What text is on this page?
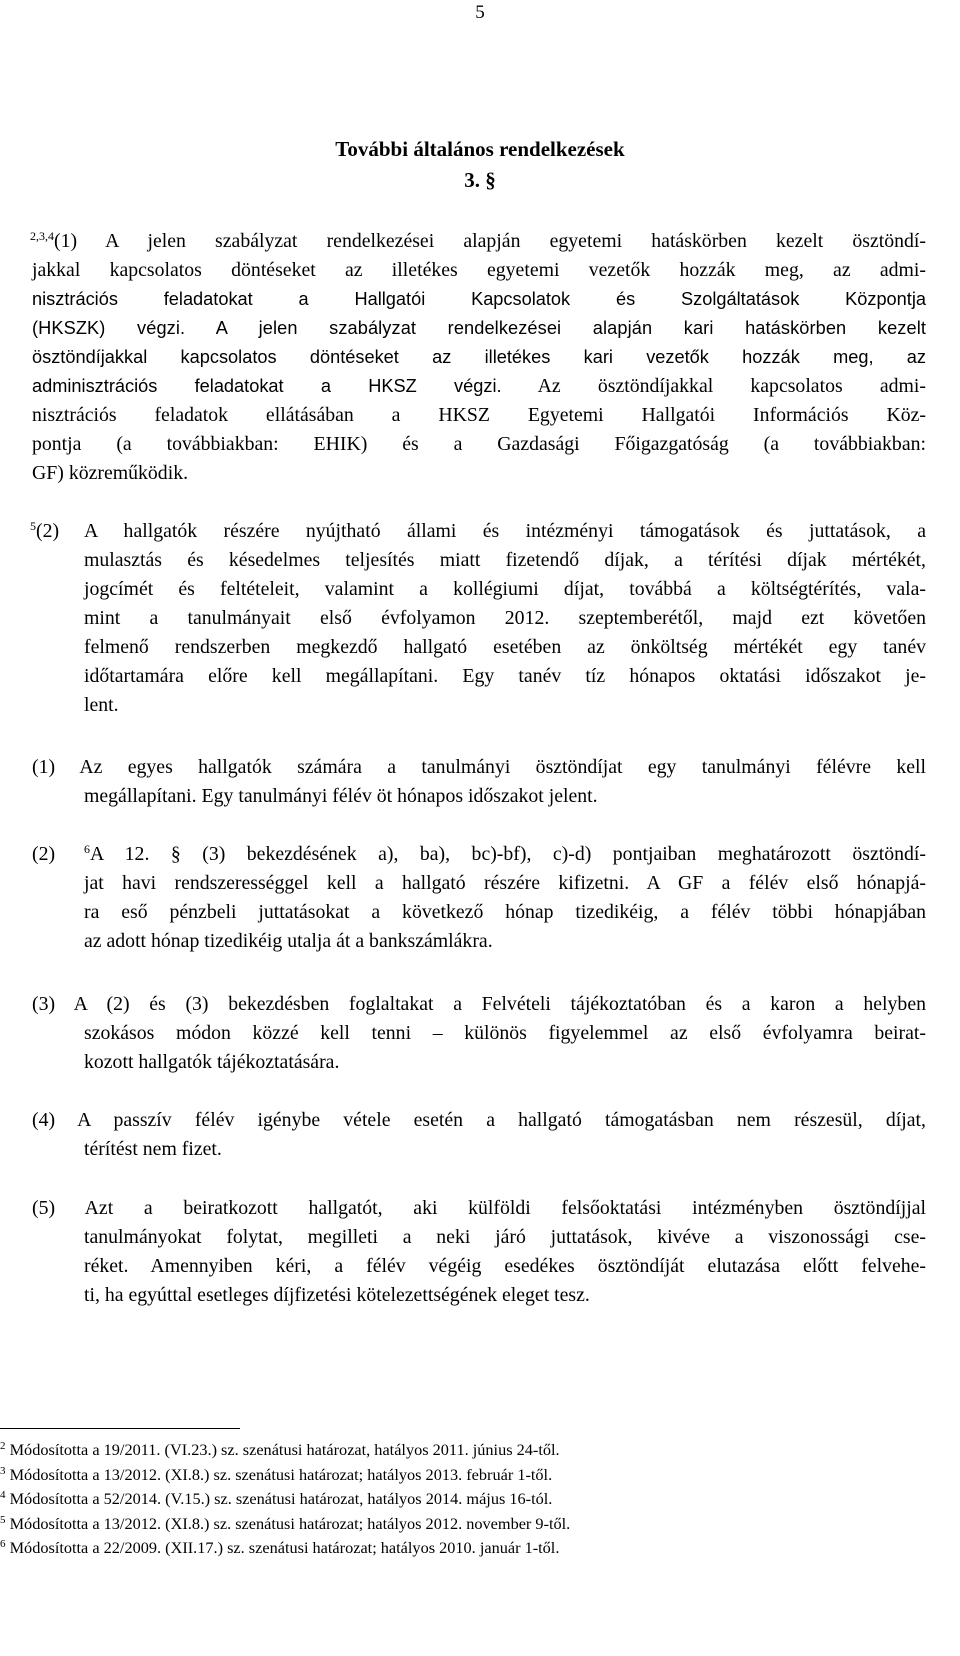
5
További általános rendelkezések
3. §
$^{2,3,4}$(1) A jelen szabályzat rendelkezései alapján egyetemi hatáskörben kezelt ösztöndí-
jakkal kapcsolatos döntéseket az illetékes egyetemi vezetők hozzák meg, az admi-
nisztrációs feladatokat a Hallgatói Kapcsolatok és Szolgáltatások Központja
(HKSZK) végzi. A jelen szabályzat rendelkezései alapján kari hatáskörben kezelt
ösztöndíjakkal kapcsolatos döntéseket az illetékes kari vezetők hozzák meg, az
adminisztrációs feladatokat a HKSZ végzi. Az ösztöndíjakkal kapcsolatos admi-
nisztrációs feladatok ellátásában a HKSZ Egyetemi Hallgatói Információs Köz-
pontja (a továbbiakban: EHIK) és a Gazdasági Főigazgatóság (a továbbiakban:
GF) közreműködik.
$^5$(2) A hallgatók részére nyújtható állami és intézményi támogatások és juttatások, a
mulasztás és késedelmes teljesítés miatt fizetendő díjak, a térítési díjak mértékét,
jogcímét és feltételeit, valamint a kollégiumi díjat, továbbá a költségtérítés, vala-
mint a tanulmányait első évfolyamon 2012. szeptemberétől, majd ezt követően
felmenő rendszerben megkezdő hallgató esetében az önköltség mértékét egy tanév
időtartamára előre kell megállapítani. Egy tanév tíz hónapos oktatási időszakot je-
lent.
(1) Az egyes hallgatók számára a tanulmányi ösztöndíjat egy tanulmányi félévre kell
megállapítani. Egy tanulmányi félév öt hónapos időszakot jelent.
(2) $^6$A 12. § (3) bekezdésének a), ba), bc)-bf), c)-d) pontjaiban meghatározott ösztöndí-
jat havi rendszerességgel kell a hallgató részére kifizetni. A GF a félév első hónapjá-
ra eső pénzbeli juttatásokat a következő hónap tizedikéig, a félév többi hónapjában
az adott hónap tizedikéig utalja át a bankszámlákra.
(3) A (2) és (3) bekezdésben foglaltakat a Felvételi tájékoztatóban és a karon a helyben
szokásos módon közzé kell tenni – különös figyelemmel az első évfolyamra beirat-
kozott hallgatók tájékoztatására.
(4) A passzív félév igénybe vétele esetén a hallgató támogatásban nem részesül, díjat,
térítést nem fizet.
(5) Azt a beiratkozott hallgatót, aki külföldi felsőoktatási intézményben ösztöndíjjal
tanulmányokat folytat, megilleti a neki járó juttatások, kivéve a viszonossági cse-
réket. Amennyiben kéri, a félév végéig esedékes ösztöndíját elutazása előtt felvehe-
ti, ha egyúttal esetleges díjfizetési kötelezettségének eleget tesz.
$^2$ Módosította a 19/2011. (VI.23.) sz. szenátusi határozat, hatályos 2011. június 24-től.
$^3$ Módosította a 13/2012. (XI.8.) sz. szenátusi határozat; hatályos 2013. február 1-től.
$^4$ Módosította a 52/2014. (V.15.) sz. szenátusi határozat, hatályos 2014. május 16-tól.
$^5$ Módosította a 13/2012. (XI.8.) sz. szenátusi határozat; hatályos 2012. november 9-től.
$^6$ Módosította a 22/2009. (XII.17.) sz. szenátusi határozat; hatályos 2010. január 1-től.
